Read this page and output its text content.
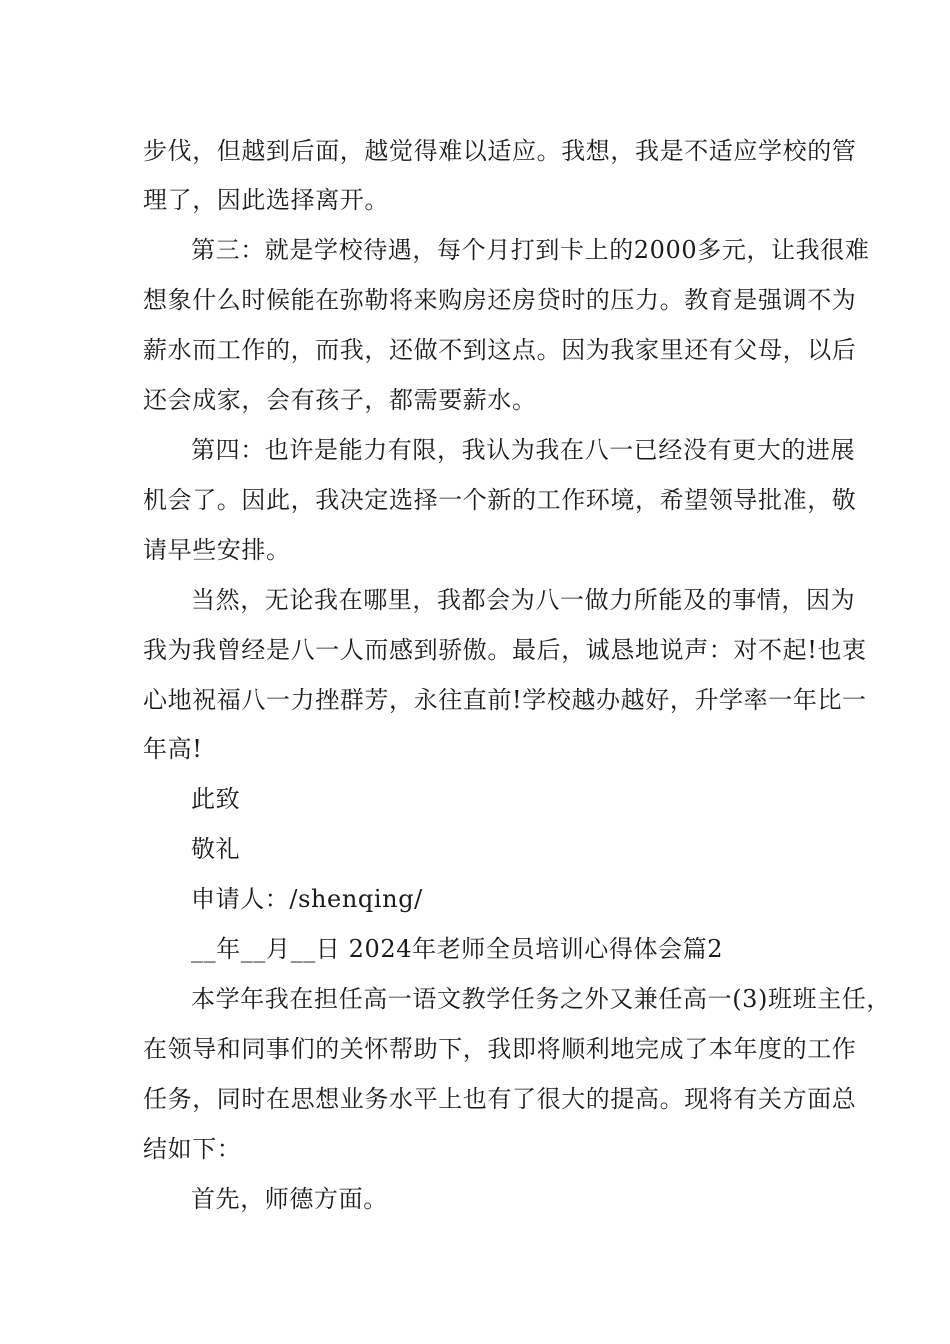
步伐，但越到后面，越觉得难以适应。我想，我是不适应学校的管
理了，因此选择离开。
第三：就是学校待遇，每个月打到卡上的2000多元，让我很难
想象什么时候能在弥勒将来购房还房贷时的压力。教育是强调不为
薪水而工作的，而我，还做不到这点。因为我家里还有父母，以后
还会成家，会有孩子，都需要薪水。
第四：也许是能力有限，我认为我在八一已经没有更大的进展
机会了。因此，我决定选择一个新的工作环境，希望领导批准，敬
请早些安排。
当然，无论我在哪里，我都会为八一做力所能及的事情，因为
我为我曾经是八一人而感到骄傲。最后，诚恳地说声：对不起!也衷
心地祝福八一力挫群芳，永往直前!学校越办越好，升学率一年比一
年高!
此致
敬礼
申请人：/shenqing/
__年__月__日 2024年老师全员培训心得体会篇2
本学年我在担任高一语文教学任务之外又兼任高一(3)班班主任，
在领导和同事们的关怀帮助下，我即将顺利地完成了本年度的工作
任务，同时在思想业务水平上也有了很大的提高。现将有关方面总
结如下：
首先，师德方面。
